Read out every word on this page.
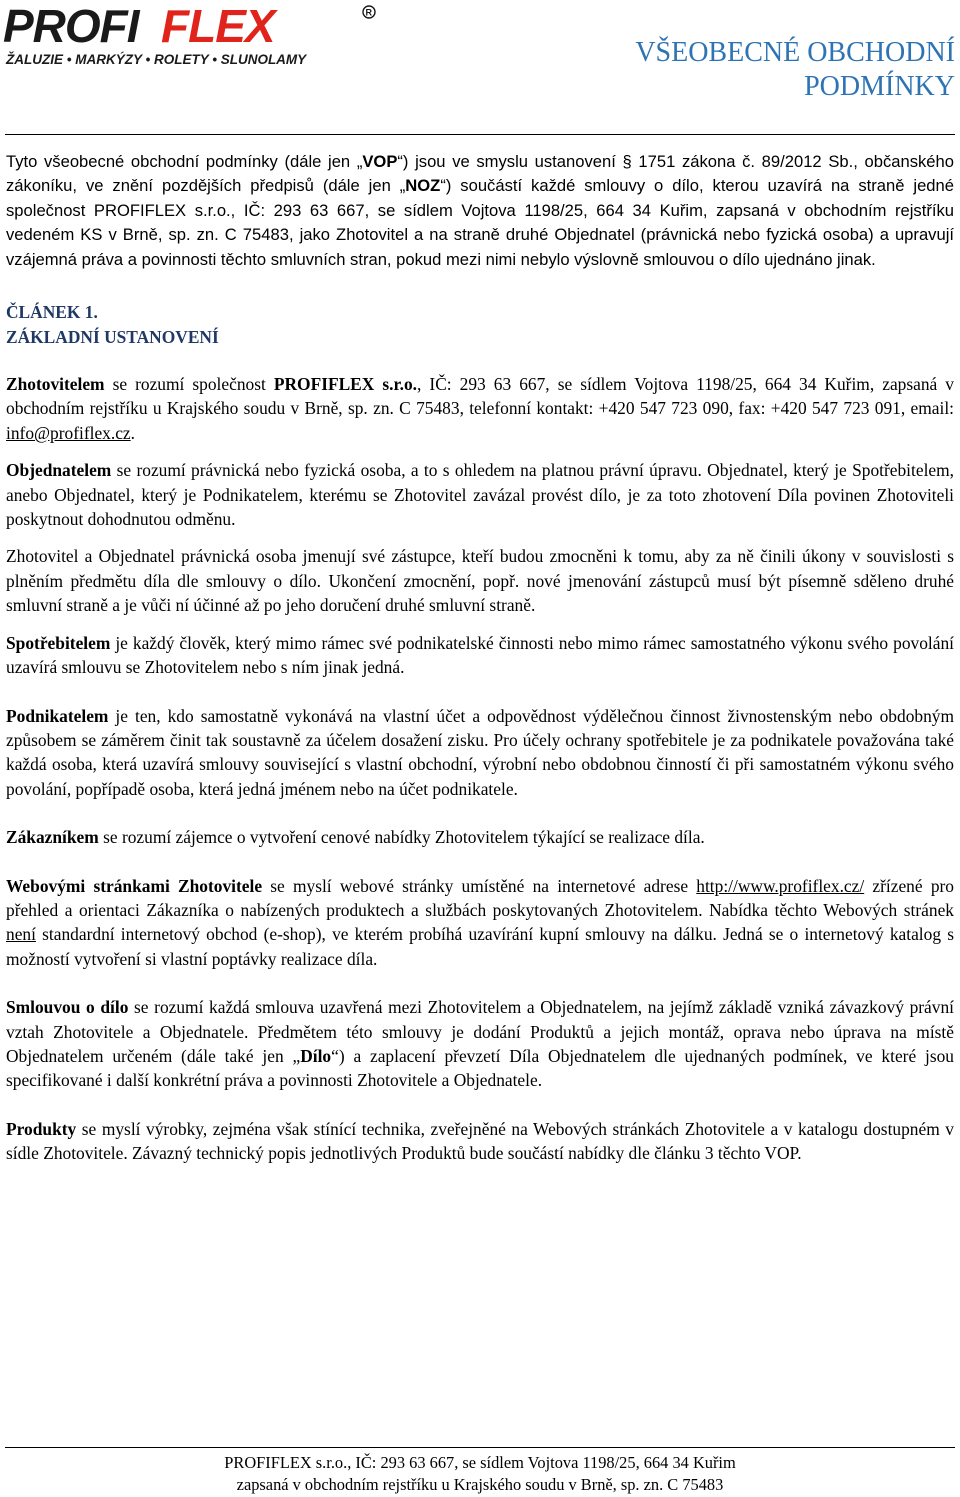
PROFI FLEX	R
ŽALUZIE • MARKÝZY • ROLETY • SLUNOLAMY	VŠEOBECNÉ OBCHODNÍ
PODMÍNKY

Tyto všeobecné obchodní podmínky (dále jen „VOP“) jsou ve smyslu ustanovení § 1751 zákona č. 89/2012 Sb., občanského zákoníku, ve znění pozdějších předpisů (dále jen „NOZ“) součástí každé smlouvy o dílo, kterou uzavírá na straně jedné společnost PROFIFLEX s.r.o., IČ: 293 63 667, se sídlem Vojtova 1198/25, 664 34 Kuřim, zapsaná v obchodním rejstříku vedeném KS v Brně, sp. zn. C 75483, jako Zhotovitel a na straně druhé Objednatel (právnická nebo fyzická osoba) a upravují vzájemná práva a povinnosti těchto smluvních stran, pokud mezi nimi nebylo výslovně smlouvou o dílo ujednáno jinak.

ČLÁNEK 1.
ZÁKLADNÍ USTANOVENÍ

Zhotovitelem se rozumí společnost PROFIFLEX s.r.o., IČ: 293 63 667, se sídlem Vojtova 1198/25, 664 34 Kuřim, zapsaná v obchodním rejstříku u Krajského soudu v Brně, sp. zn. C 75483, telefonní kontakt: +420 547 723 090, fax: +420 547 723 091, email: info@profiflex.cz.

Objednatelem se rozumí právnická nebo fyzická osoba, a to s ohledem na platnou právní úpravu. Objednatel, který je Spotřebitelem, anebo Objednatel, který je Podnikatelem, kterému se Zhotovitel zavázal provést dílo, je za toto zhotovení Díla povinen Zhotoviteli poskytnout dohodnutou odměnu.

Zhotovitel a Objednatel právnická osoba jmenují své zástupce, kteří budou zmocněni k tomu, aby za ně činili úkony v souvislosti s plněním předmětu díla dle smlouvy o dílo. Ukončení zmocnění, popř. nové jmenování zástupců musí být písemně sděleno druhé smluvní straně a je vůči ní účinné až po jeho doručení druhé smluvní straně.

Spotřebitelem je každý člověk, který mimo rámec své podnikatelské činnosti nebo mimo rámec samostatného výkonu svého povolání uzavírá smlouvu se Zhotovitelem nebo s ním jinak jedná.

Podnikatelem je ten, kdo samostatně vykonává na vlastní účet a odpovědnost výdělečnou činnost živnostenským nebo obdobným způsobem se záměrem činit tak soustavně za účelem dosažení zisku. Pro účely ochrany spotřebitele je za podnikatele považována také každá osoba, která uzavírá smlouvy související s vlastní obchodní, výrobní nebo obdobnou činností či při samostatném výkonu svého povolání, popřípadě osoba, která jedná jménem nebo na účet podnikatele.

Zákazníkem se rozumí zájemce o vytvoření cenové nabídky Zhotovitelem týkající se realizace díla.

Webovými stránkami Zhotovitele se myslí webové stránky umístěné na internetové adrese http://www.profiflex.cz/ zřízené pro přehled a orientaci Zákazníka o nabízených produktech a službách poskytovaných Zhotovitelem. Nabídka těchto Webových stránek není standardní internetový obchod (e-shop), ve kterém probíhá uzavírání kupní smlouvy na dálku. Jedná se o internetový katalog s možností vytvoření si vlastní poptávky realizace díla.

Smlouvou o dílo se rozumí každá smlouva uzavřená mezi Zhotovitelem a Objednatelem, na jejímž základě vzniká závazkový právní vztah Zhotovitele a Objednatele. Předmětem této smlouvy je dodání Produktů a jejich montáž, oprava nebo úprava na místě Objednatelem určeném (dále také jen „Dílo“) a zaplacení převzetí Díla Objednatelem dle ujednaných podmínek, ve které jsou specifikované i další konkrétní práva a povinnosti Zhotovitele a Objednatele.

Produkty se myslí výrobky, zejména však stínící technika, zveřejněné na Webových stránkách Zhotovitele a v katalogu dostupném v sídle Zhotovitele. Závazný technický popis jednotlivých Produktů bude součástí nabídky dle článku 3 těchto VOP.

PROFIFLEX s.r.o., IČ: 293 63 667, se sídlem Vojtova 1198/25, 664 34 Kuřim
zapsaná v obchodním rejstříku u Krajského soudu v Brně, sp. zn. C 75483
